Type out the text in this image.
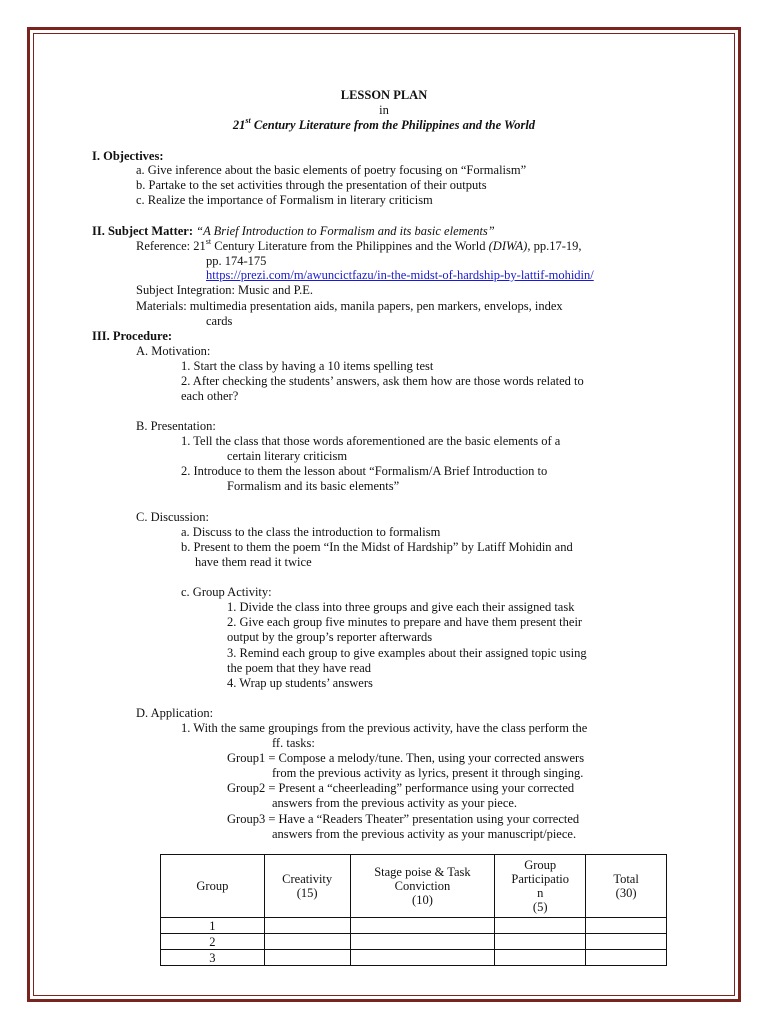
LESSON PLAN
in
21st Century Literature from the Philippines and the World
I. Objectives:
a. Give inference about the basic elements of poetry focusing on “Formalism”
b. Partake to the set activities through the presentation of their outputs
c. Realize the importance of Formalism in literary criticism
II. Subject Matter: “A Brief Introduction to Formalism and its basic elements”
Reference: 21st Century Literature from the Philippines and the World (DIWA), pp.17-19,
pp. 174-175
https://prezi.com/m/awuncictfazu/in-the-midst-of-hardship-by-lattif-mohidin/
Subject Integration: Music and P.E.
Materials: multimedia presentation aids, manila papers, pen markers, envelops, index
cards
III. Procedure:
A. Motivation:
1. Start the class by having a 10 items spelling test
2. After checking the students’ answers, ask them how are those words related to
each other?
B. Presentation:
1. Tell the class that those words aforementioned are the basic elements of a
certain literary criticism
2. Introduce to them the lesson about “Formalism/A Brief Introduction to
Formalism and its basic elements”
C. Discussion:
a. Discuss to the class the introduction to formalism
b. Present to them the poem “In the Midst of Hardship” by Latiff Mohidin and
have them read it twice
c. Group Activity:
1. Divide the class into three groups and give each their assigned task
2. Give each group five minutes to prepare and have them present their
output by the group’s reporter afterwards
3. Remind each group to give examples about their assigned topic using
the poem that they have read
4. Wrap up students’ answers
D. Application:
1. With the same groupings from the previous activity, have the class perform the
ff. tasks:
Group1 = Compose a melody/tune. Then, using your corrected answers
from the previous activity as lyrics, present it through singing.
Group2 = Present a “cheerleading” performance using your corrected
answers from the previous activity as your piece.
Group3 = Have a “Readers Theater” presentation using your corrected
answers from the previous activity as your manuscript/piece.
Group	Creativity
(15)	Stage poise & Task
Conviction
(10)	Group
Participatio
n
(5)	Total
(30)
1				
2				
3				
